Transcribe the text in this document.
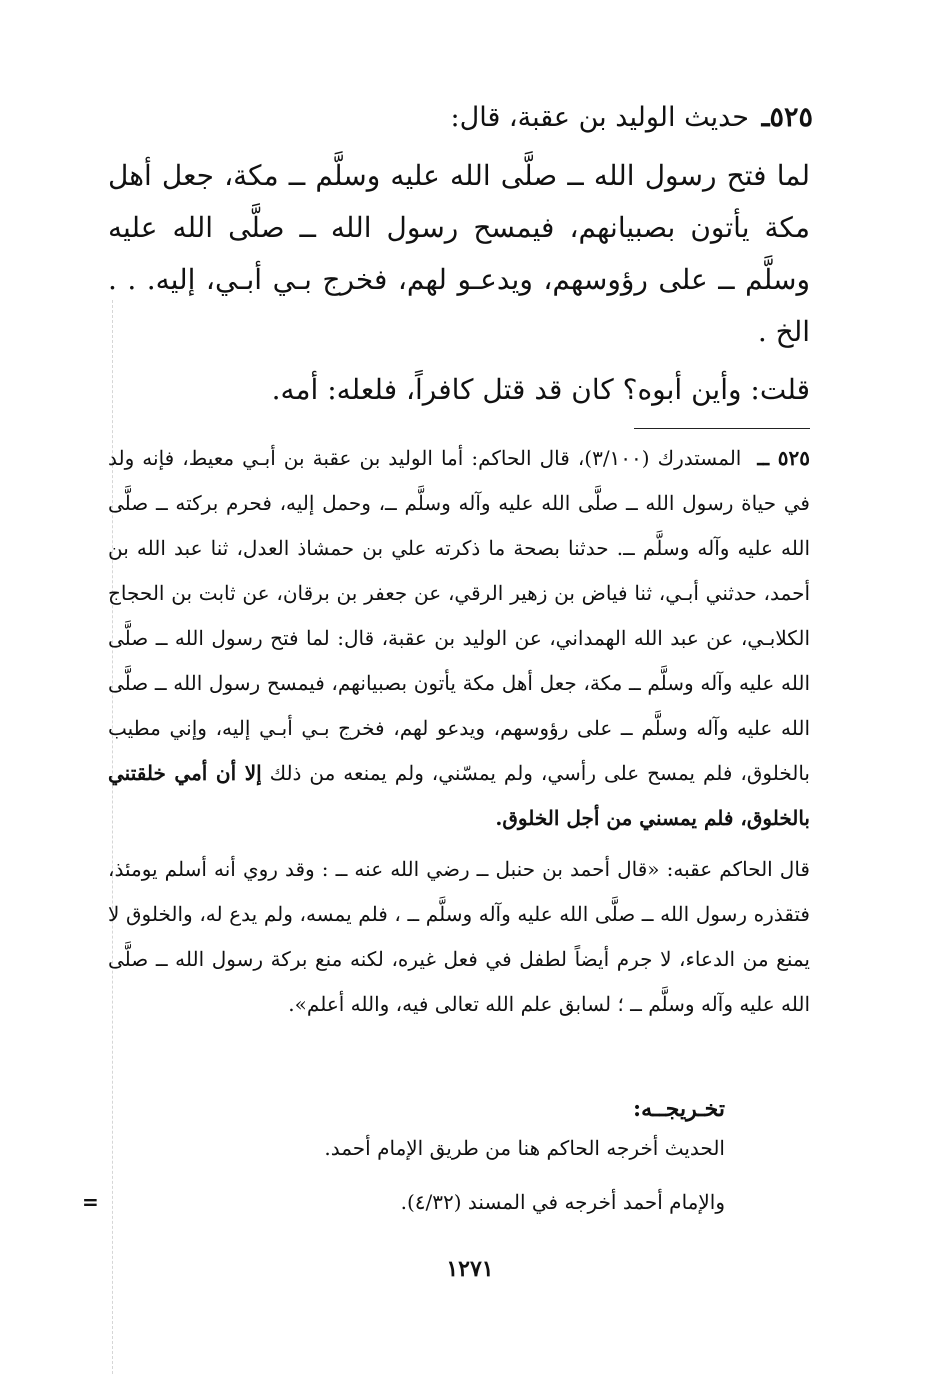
٥٢٥ـ حديث الوليد بن عقبة، قال:

لما فتح رسول الله ــ صلَّى الله عليه وسلَّم ــ مكة، جعل أهل مكة يأتون بصبيانهم، فيمسح رسول الله ــ صلَّى الله عليه وسلَّم ــ على رؤوسهم، ويدعـو لهم، فخرج بـي أبـي، إليه. . . الخ .

قلت: وأين أبوه؟ كان قد قتل كافراً، فلعله: أمه.

٥٢٥ ــ المستدرك (٣/١٠٠)، قال الحاكم: أما الوليد بن عقبة بن أبـي معيط، فإنه ولد في حياة رسول الله ــ صلَّى الله عليه وآله وسلَّم ــ، وحمل إليه، فحرم بركته ــ صلَّى الله عليه وآله وسلَّم ــ. حدثنا بصحة ما ذكرته علي بن حمشاذ العدل، ثنا عبد الله بن أحمد، حدثني أبـي، ثنا فياض بن زهير الرقي، عن جعفر بن برقان، عن ثابت بن الحجاج الكلابـي، عن عبد الله الهمداني، عن الوليد بن عقبة، قال: لما فتح رسول الله ــ صلَّى الله عليه وآله وسلَّم ــ مكة، جعل أهل مكة يأتون بصبيانهم، فيمسح رسول الله ــ صلَّى الله عليه وآله وسلَّم ــ على رؤوسهم، ويدعو لهم، فخرج بـي أبـي إليه، وإني مطيب بالخلوق، فلم يمسح على رأسي، ولم يمسّني، ولم يمنعه من ذلك إلا أن أمي خلقتني بالخلوق، فلم يمسني من أجل الخلوق.

قال الحاكم عقبه: «قال أحمد بن حنبل ــ رضي الله عنه ــ : وقد روي أنه أسلم يومئذ، فتقذره رسول الله ــ صلَّى الله عليه وآله وسلَّم ــ ، فلم يمسه، ولم يدع له، والخلوق لا يمنع من الدعاء، لا جرم أيضاً لطفل في فعل غيره، لكنه منع بركة رسول الله ــ صلَّى الله عليه وآله وسلَّم ــ ؛ لسابق علم الله تعالى فيه، والله أعلم».

تخـريجــه:
الحديث أخرجه الحاكم هنا من طريق الإمام أحمد.
والإمام أحمد أخرجه في المسند (٤/٣٢).
=
١٢٧١
